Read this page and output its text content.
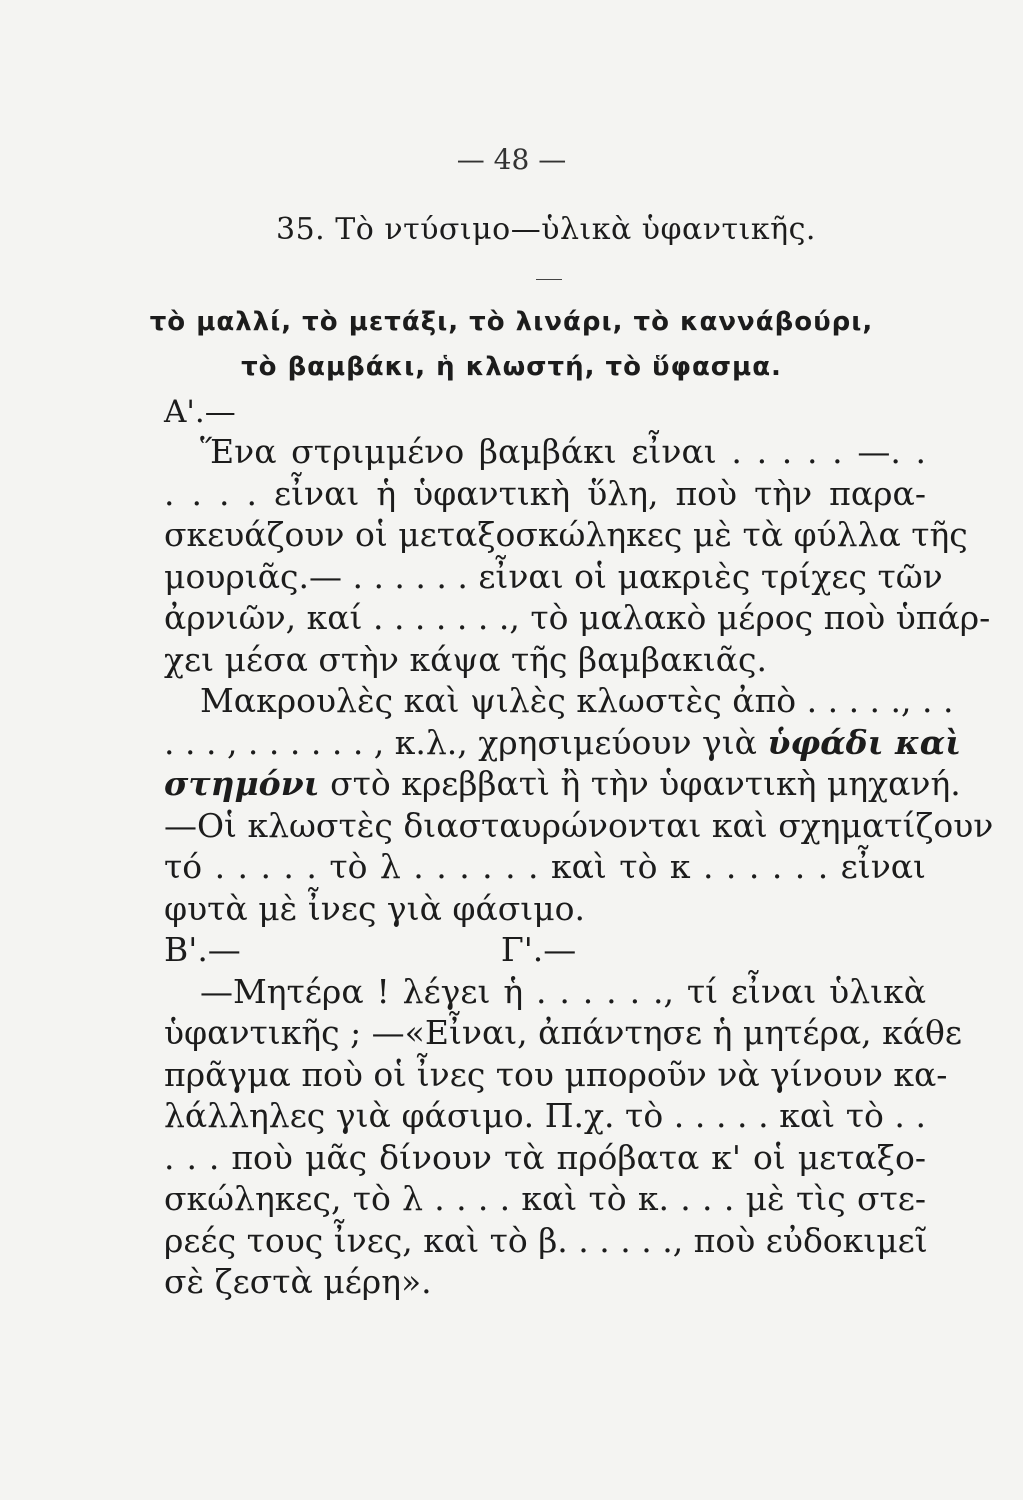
— 48 —
35. Τὸ ντύσιμο—ὑλικὰ ὑφαντικῆς.
τὸ μαλλί, τὸ μετάξι, τὸ λινάρι, τὸ καννάβούρι,
τὸ βαμβάκι, ἡ κλωστή, τὸ ὕφασμα.
Α'.—
Ἕνα στριμμένο βαμβάκι εἶναι . . . . . —. .
. . . . εἶναι ἡ ὑφαντικὴ ὕλη, ποὺ τὴν παρα-
σκευάζουν οἱ μεταξοσκώληκες μὲ τὰ φύλλα τῆς
μουριᾶς.— . . . . . . εἶναι οἱ μακριὲς τρίχες τῶν
ἀρνιῶν, καί . . . . . . ., τὸ μαλακὸ μέρος ποὺ ὑπάρ-
χει μέσα στὴν κάψα τῆς βαμβακιᾶς.
Μακρουλὲς καὶ ψιλὲς κλωστὲς ἀπὸ . . . . ., . .
. . . , . . . . . . , κ.λ., χρησιμεύουν γιὰ ὑφάδι καὶ
στημόνι στὸ κρεββατὶ ἢ τὴν ὑφαντικὴ μηχανή.
—Οἱ κλωστὲς διασταυρώνονται καὶ σχηματίζουν
τό . . . . . τὸ λ . . . . . . καὶ τὸ κ . . . . . . εἶναι
φυτὰ μὲ ἶνες γιὰ φάσιμο.
Β'.—	Γ'.—
—Μητέρα ! λέγει ἡ . . . . . ., τί εἶναι ὑλικὰ
ὑφαντικῆς ; —«Εἶναι, ἀπάντησε ἡ μητέρα, κάθε
πρᾶγμα ποὺ οἱ ἶνες του μποροῦν νὰ γίνουν κα-
λάλληλες γιὰ φάσιμο. Π.χ. τὸ . . . . . καὶ τὸ . .
. . . ποὺ μᾶς δίνουν τὰ πρόβατα κ' οἱ μεταξο-
σκώληκες, τὸ λ . . . . καὶ τὸ κ. . . . μὲ τὶς στε-
ρεές τους ἶνες, καὶ τὸ β. . . . . ., ποὺ εὐδοκιμεῖ
σὲ ζεστὰ μέρη».
